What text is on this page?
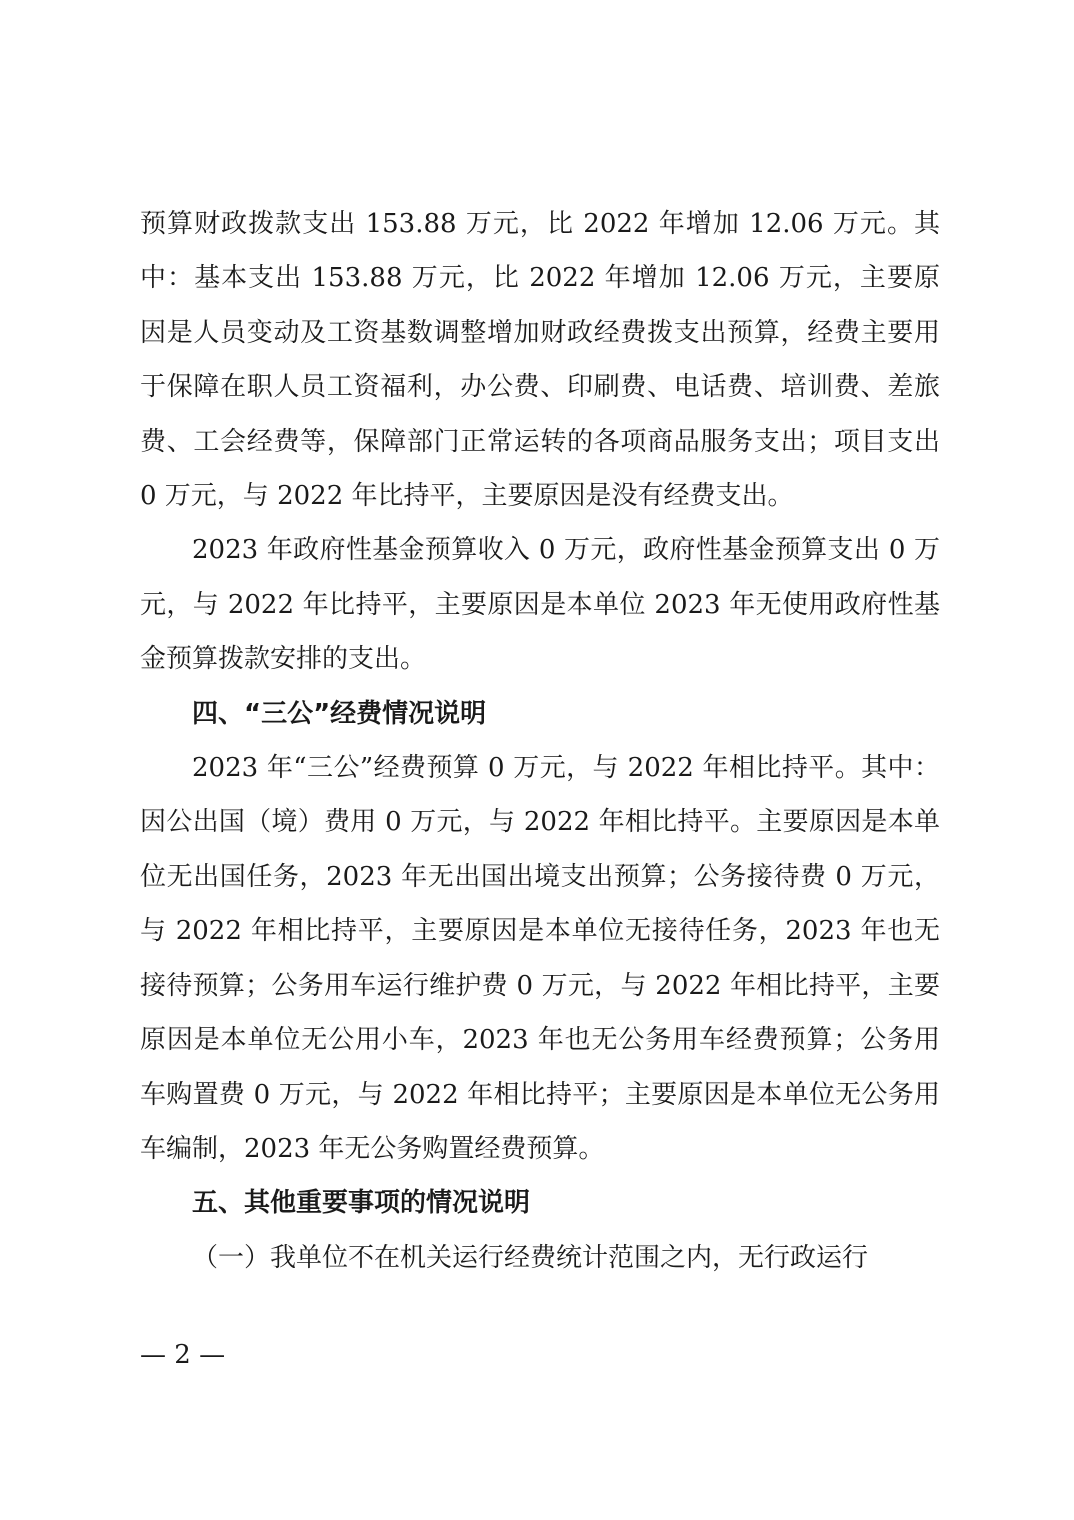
预算财政拨款支出 153.88 万元，比 2022 年增加 12.06 万元。其中：基本支出 153.88 万元，比 2022 年增加 12.06 万元，主要原因是人员变动及工资基数调整增加财政经费拨支出预算，经费主要用于保障在职人员工资福利，办公费、印刷费、电话费、培训费、差旅费、工会经费等，保障部门正常运转的各项商品服务支出；项目支出 0 万元，与 2022 年比持平，主要原因是没有经费支出。

2023 年政府性基金预算收入 0 万元，政府性基金预算支出 0 万元，与 2022 年比持平，主要原因是本单位 2023 年无使用政府性基金预算拨款安排的支出。

四、“三公”经费情况说明

2023 年“三公”经费预算 0 万元，与 2022 年相比持平。其中：因公出国（境）费用 0 万元，与 2022 年相比持平。主要原因是本单位无出国任务，2023 年无出国出境支出预算；公务接待费 0 万元，与 2022 年相比持平，主要原因是本单位无接待任务，2023 年也无接待预算；公务用车运行维护费 0 万元，与 2022 年相比持平，主要原因是本单位无公用小车，2023 年也无公务用车经费预算；公务用车购置费 0 万元，与 2022 年相比持平；主要原因是本单位无公务用车编制，2023 年无公务购置经费预算。

五、其他重要事项的情况说明

（一）我单位不在机关运行经费统计范围之内，无行政运行

— 2 —
